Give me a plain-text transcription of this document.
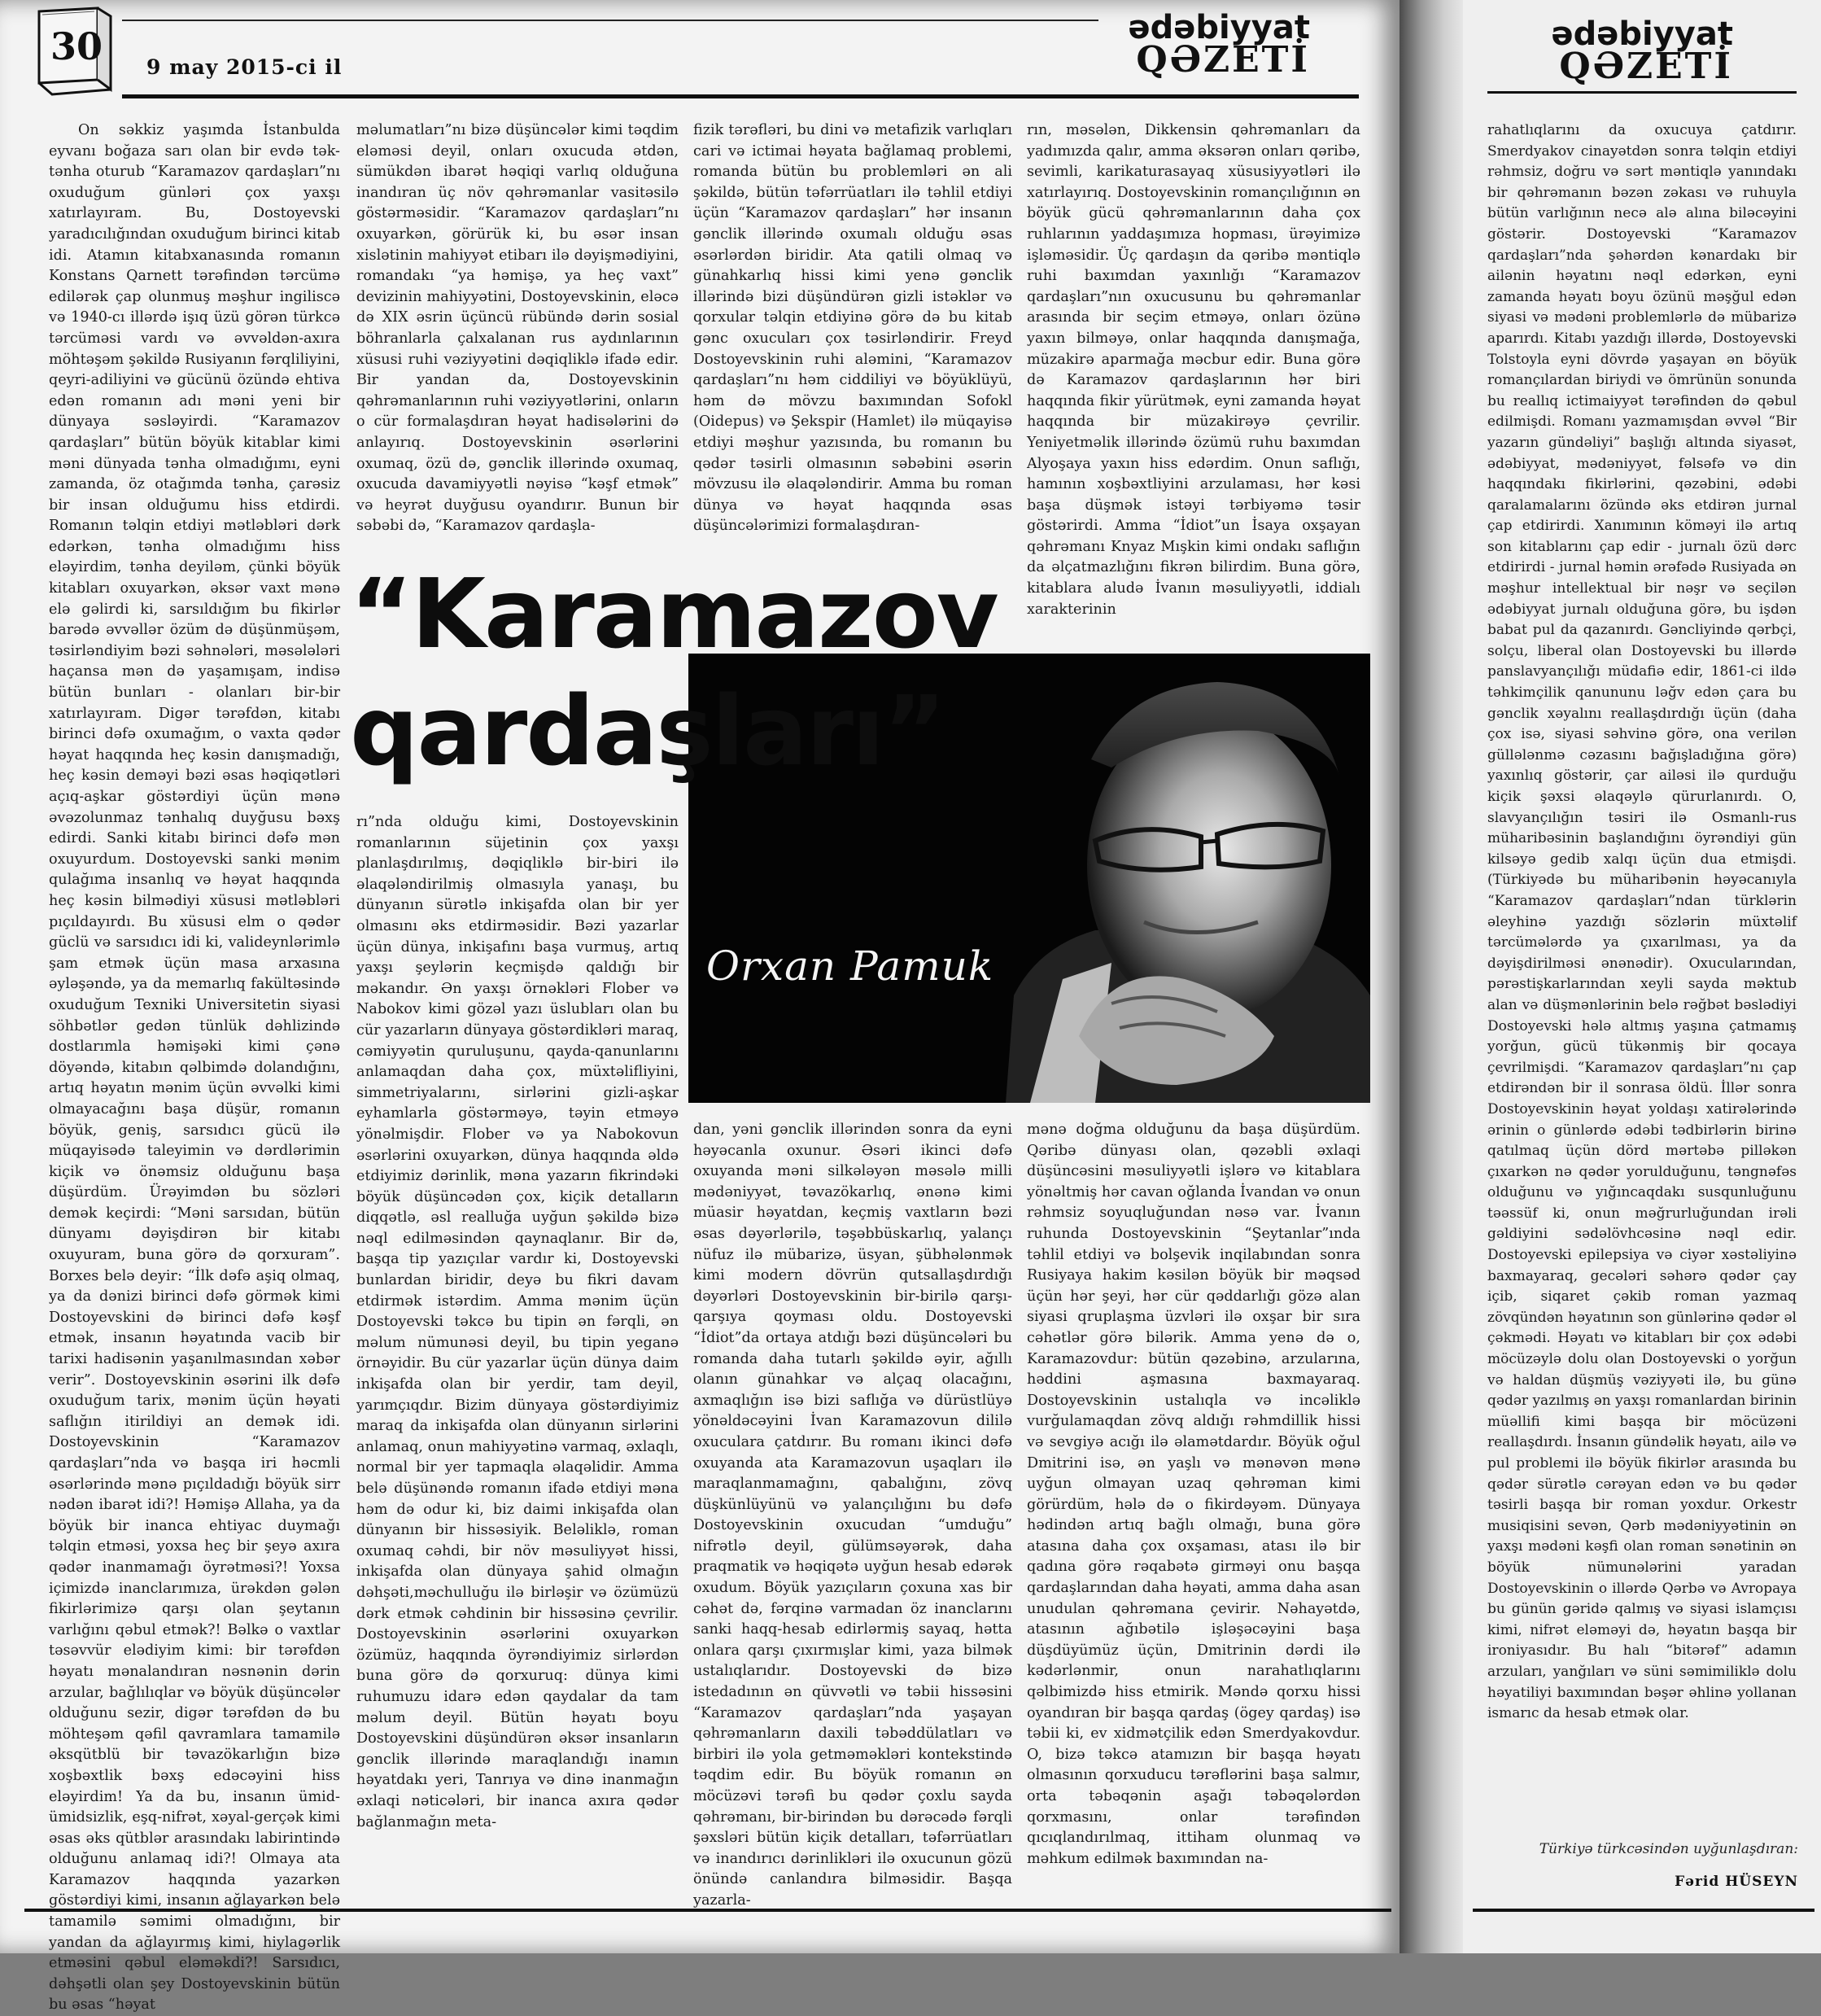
30 9 may 2015-ci il
ədəbiyyat
QƏZETİ

On səkkiz yaşımda İstanbulda eyvanı boğaza sarı olan bir evdə tək-tənha oturub “Karamazov qardaşları”nı oxuduğum günləri çox yaxşı xatırlayıram. Bu, Dostoyevski yaradıcılığından oxuduğum birinci kitab idi. Atamın kitabxanasında romanın Konstans Qarnett tərəfindən tərcümə edilərək çap olunmuş məşhur ingiliscə və 1940-cı illərdə işıq üzü görən türkcə tərcüməsi vardı və əvvəldən-axıra möhtəşəm şəkildə Rusiyanın fərqliliyini, qeyri-adiliyini və gücünü özündə ehtiva edən romanın adı məni yeni bir dünyaya səsləyirdi. “Karamazov qardaşları” bütün böyük kitablar kimi məni dünyada tənha olmadığımı, eyni zamanda, öz otağımda tənha, çarəsiz bir insan olduğumu hiss etdirdi. Romanın təlqin etdiyi mətləbləri dərk edərkən, tənha olmadığımı hiss eləyirdim, tənha deyiləm, çünki böyük kitabları oxuyarkən, əksər vaxt mənə elə gəlirdi ki, sarsıldığım bu fikirlər barədə əvvəllər özüm də düşünmüşəm, təsirləndiyim bəzi səhnələri, məsələləri haçansa mən də yaşamışam, indisə bütün bunları - olanları bir-bir xatırlayıram. Digər tərəfdən, kitabı birinci dəfə oxumağım, o vaxta qədər həyat haqqında heç kəsin danışmadığı, heç kəsin deməyi bəzi əsas həqiqətləri açıq-aşkar göstərdiyi üçün mənə əvəzolunmaz tənhalıq duyğusu bəxş edirdi. Sanki kitabı birinci dəfə mən oxuyurdum. Dostoyevski sanki mənim qulağıma insanlıq və həyat haqqında heç kəsin bilmədiyi xüsusi mətləbləri pıçıldayırdı. Bu xüsusi elm o qədər güclü və sarsıdıcı idi ki, valideynlərimlə şam etmək üçün masa arxasına əyləşəndə, ya da memarlıq fakültəsində oxuduğum Texniki Universitetin siyasi söhbətlər gedən tünlük dəhlizində dostlarımla həmişəki kimi çənə döyəndə, kitabın qəlbimdə dolandığını, artıq həyatın mənim üçün əvvəlki kimi olmayacağını başa düşür, romanın böyük, geniş, sarsıdıcı gücü ilə müqayisədə taleyimin və dərdlərimin kiçik və önəmsiz olduğunu başa düşürdüm. Ürəyimdən bu sözləri demək keçirdi: “Məni sarsıdan, bütün dünyamı dəyişdirən bir kitabı oxuyuram, buna görə də qorxuram”. Borxes belə deyir: “İlk dəfə aşiq olmaq, ya da dənizi birinci dəfə görmək kimi Dostoyevskini də birinci dəfə kəşf etmək, insanın həyatında vacib bir tarixi hadisənin yaşanılmasından xəbər verir”. Dostoyevskinin əsərini ilk dəfə oxuduğum tarix, mənim üçün həyati saflığın itirildiyi an demək idi. Dostoyevskinin “Karamazov qardaşları”nda və başqa iri həcmli əsərlərində mənə pıçıldadığı böyük sirr nədən ibarət idi?! Həmişə Allaha, ya da böyük bir inanca ehtiyac duymağı təlqin etməsi, yoxsa heç bir şeyə axıra qədər inanmamağı öyrətməsi?! Yoxsa içimizdə inanclarımıza, ürəkdən gələn fikirlərimizə qarşı olan şeytanın varlığını qəbul etmək?! Bəlkə o vaxtlar təsəvvür elədiyim kimi: bir tərəfdən həyatı mənalandıran nəsnənin dərin arzular, bağlılıqlar və böyük düşüncələr olduğunu sezir, digər tərəfdən də bu möhteşəm qəfil qavramlara tamamilə əksqütblü bir təvazökarlığın bizə xoşbəxtlik bəxş edəcəyini hiss eləyirdim! Ya da bu, insanın ümid-ümidsizlik, eşq-nifrət, xəyal-gerçək kimi əsas əks qütblər arasındakı labirintində olduğunu anlamaq idi?! Olmaya ata Karamazov haqqında yazarkən göstərdiyi kimi, insanın ağlayarkən belə tamamilə səmimi olmadığını, bir yandan da ağlayırmış kimi, hiylagərlik etməsini qəbul eləməkdi?! Sarsıdıcı, dəhşətli olan şey Dostoyevskinin bütün bu əsas “həyat

məlumatları”nı bizə düşüncələr kimi təqdim eləməsi deyil, onları oxucuda ətdən, sümükdən ibarət həqiqi varlıq olduğuna inandıran üç növ qəhrəmanlar vasitəsilə göstərməsidir. “Karamazov qardaşları”nı oxuyarkən, görürük ki, bu əsər insan xislətinin mahiyyət etibarı ilə dəyişmədiyini, romandakı “ya həmişə, ya heç vaxt” devizinin mahiyyətini, Dostoyevskinin, eləcə də XIX əsrin üçüncü rübündə dərin sosial böhranlarla çalxalanan rus aydınlarının xüsusi ruhi vəziyyətini dəqiqliklə ifadə edir. Bir yandan da, Dostoyevskinin qəhrəmanlarının ruhi vəziyyətlərini, onların o cür formalaşdıran həyat hadisələrini də anlayırıq. Dostoyevskinin əsərlərini oxumaq, özü də, gənclik illərində oxumaq, oxucuda davamiyyətli nəyisə “kəşf etmək” və heyrət duyğusu oyandırır. Bunun bir səbəbi də, “Karamazov qardaşla-

fizik tərəfləri, bu dini və metafizik varlıqları cari və ictimai həyata bağlamaq problemi, romanda bütün bu problemləri ən ali şəkildə, bütün təfərrüatları ilə təhlil etdiyi üçün “Karamazov qardaşları” hər insanın gənclik illərində oxumalı olduğu əsas əsərlərdən biridir. Ata qatili olmaq və günahkarlıq hissi kimi yenə gənclik illərində bizi düşündürən gizli istəklər və qorxular təlqin etdiyinə görə də bu kitab gənc oxucuları çox təsirləndirir. Freyd Dostoyevskinin ruhi aləmini, “Karamazov qardaşları”nı həm ciddiliyi və böyüklüyü, həm də mövzu baxımından Sofokl (Oidepus) və Şekspir (Hamlet) ilə müqayisə etdiyi məşhur yazısında, bu romanın bu qədər təsirli olmasının səbəbini əsərin mövzusu ilə əlaqələndirir. Amma bu roman dünya və həyat haqqında əsas düşüncələrimizi formalaşdıran-

rın, məsələn, Dikkensin qəhrəmanları da yadımızda qalır, amma əksərən onları qəribə, sevimli, karikaturasayaq xüsusiyyətləri ilə xatırlayırıq. Dostoyevskinin romançılığının ən böyük gücü qəhrəmanlarının daha çox ruhlarının yaddaşımıza hopması, ürəyimizə işləməsidir. Üç qardaşın da qəribə məntiqlə ruhi baxımdan yaxınlığı “Karamazov qardaşları”nın oxucusunu bu qəhrəmanlar arasında bir seçim etməyə, onları özünə yaxın bilməyə, onlar haqqında danışmağa, müzakirə aparmağa məcbur edir. Buna görə də Karamazov qardaşlarının hər biri haqqında fikir yürütmək, eyni zamanda həyat haqqında bir müzakirəyə çevrilir. Yeniyetməlik illərində özümü ruhu baxımdan Alyoşaya yaxın hiss edərdim. Onun saflığı, hamının xoşbəxtliyini arzulaması, hər kəsi başa düşmək istəyi tərbiyəmə təsir göstərirdi. Amma “İdiot”un İsaya oxşayan qəhrəmanı Knyaz Mışkin kimi ondakı saflığın da əlçatmazlığını fikrən bilirdim. Buna görə, kitablara aludə İvanın məsuliyyətli, iddialı xarakterinin

“Karamazov
qardaşları”
Orxan Pamuk

rı”nda olduğu kimi, Dostoyevskinin romanlarının süjetinin çox yaxşı planlaşdırılmış, dəqiqliklə bir-biri ilə əlaqələndirilmiş olmasıyla yanaşı, bu dünyanın sürətlə inkişafda olan bir yer olmasını əks etdirməsidir. Bəzi yazarlar üçün dünya, inkişafını başa vurmuş, artıq yaxşı şeylərin keçmişdə qaldığı bir məkandır. Ən yaxşı örnəkləri Flober və Nabokov kimi gözəl yazı üslubları olan bu cür yazarların dünyaya göstərdikləri maraq, cəmiyyətin quruluşunu, qayda-qanunlarını anlamaqdan daha çox, müxtəlifliyini, simmetriyalarını, sirlərini gizli-aşkar eyhamlarla göstərməyə, təyin etməyə yönəlmişdir. Flober və ya Nabokovun əsərlərini oxuyarkən, dünya haqqında əldə etdiyimiz dərinlik, məna yazarın fikrindəki böyük düşüncədən çox, kiçik detalların diqqətlə, əsl realluğa uyğun şəkildə bizə nəql edilməsindən qaynaqlanır. Bir də, başqa tip yazıçılar vardır ki, Dostoyevski bunlardan biridir, deyə bu fikri davam etdirmək istərdim. Amma mənim üçün Dostoyevski təkcə bu tipin ən fərqli, ən məlum nümunəsi deyil, bu tipin yeganə örnəyidir. Bu cür yazarlar üçün dünya daim inkişafda olan bir yerdir, tam deyil, yarımçıqdır. Bizim dünyaya göstərdiyimiz maraq da inkişafda olan dünyanın sirlərini anlamaq, onun mahiyyətinə varmaq, əxlaqlı, normal bir yer tapmaqla əlaqəlidir. Amma belə düşünəndə romanın ifadə etdiyi məna həm də odur ki, biz daimi inkişafda olan dünyanın bir hissəsiyik. Beləliklə, roman oxumaq cəhdi, bir növ məsuliyyət hissi, inkişafda olan dünyaya şahid olmağın dəhşəti,məchulluğu ilə birləşir və özümüzü dərk etmək cəhdinin bir hissəsinə çevrilir. Dostoyevskinin əsərlərini oxuyarkən özümüz, haqqında öyrəndiyimiz sirlərdən buna görə də qorxuruq: dünya kimi ruhumuzu idarə edən qaydalar da tam məlum deyil. Bütün həyatı boyu Dostoyevskini düşündürən əksər insanların gənclik illərində maraqlandığı inamın həyatdakı yeri, Tanrıya və dinə inanmağın əxlaqi nəticələri, bir inanca axıra qədər bağlanmağın meta-

dan, yəni gənclik illərindən sonra da eyni həyəcanla oxunur. Əsəri ikinci dəfə oxuyanda məni silkələyən məsələ milli mədəniyyət, təvazökarlıq, ənənə kimi müasir həyatdan, keçmiş vaxtların bəzi əsas dəyərlərilə, təşəbbüskarlıq, yalançı nüfuz ilə mübarizə, üsyan, şübhələnmək kimi modern dövrün qutsallaşdırdığı dəyərləri Dostoyevskinin bir-birilə qarşı-qarşıya qoyması oldu. Dostoyevski “İdiot”da ortaya atdığı bəzi düşüncələri bu romanda daha tutarlı şəkildə əyir, ağıllı olanın günahkar və alçaq olacağını, axmaqlığın isə bizi saflığa və dürüstlüyə yönəldəcəyini İvan Karamazovun dililə oxuculara çatdırır. Bu romanı ikinci dəfə oxuyanda ata Karamazovun uşaqları ilə maraqlanmamağını, qabalığını, zövq düşkünlüyünü və yalançılığını bu dəfə Dostoyevskinin oxucudan “umduğu” nifrətlə deyil, gülümsəyərək, daha praqmatik və həqiqətə uyğun hesab edərək oxudum. Böyük yazıçıların çoxuna xas bir cəhət də, fərqinə varmadan öz inanclarını sanki haqq-hesab edirlərmiş sayaq, hətta onlara qarşı çıxırmışlar kimi, yaza bilmək ustalıqlarıdır. Dostoyevski də bizə istedadının ən qüvvətli və təbii hissəsini “Karamazov qardaşları”nda yaşayan qəhrəmanların daxili təbəddülatları və birbiri ilə yola getməməkləri kontekstində təqdim edir. Bu böyük romanın ən möcüzəvi tərəfi bu qədər çoxlu sayda qəhrəmanı, bir-birindən bu dərəcədə fərqli şəxsləri bütün kiçik detalları, təfərrüatları və inandırıcı dərinlikləri ilə oxucunun gözü önündə canlandıra bilməsidir. Başqa yazarla-

mənə doğma olduğunu da başa düşürdüm. Qəribə dünyası olan, qəzəbli əxlaqi düşüncəsini məsuliyyətli işlərə və kitablara yönəltmiş hər cavan oğlanda İvandan və onun rəhmsiz soyuqluğundan nəsə var. İvanın ruhunda Dostoyevskinin “Şeytanlar”ında təhlil etdiyi və bolşevik inqilabından sonra Rusiyaya hakim kəsilən böyük bir məqsəd üçün hər şeyi, hər cür qəddarlığı gözə alan siyasi qruplaşma üzvləri ilə oxşar bir sıra cəhətlər görə bilərik. Amma yenə də o, Karamazovdur: bütün qəzəbinə, arzularına, həddini aşmasına baxmayaraq. Dostoyevskinin ustalıqla və incəliklə vurğulamaqdan zövq aldığı rəhmdillik hissi və sevgiyə acığı ilə əlamətdardır. Böyük oğul Dmitrini isə, ən yaşlı və mənəvən mənə uyğun olmayan uzaq qəhrəman kimi görürdüm, hələ də o fikirdəyəm. Dünyaya hədindən artıq bağlı olmağı, buna görə atasına daha çox oxşaması, atası ilə bir qadına görə rəqabətə girməyi onu başqa qardaşlarından daha həyati, amma daha asan unudulan qəhrəmana çevirir. Nəhayətdə, atasının ağıbətilə işləşəcəyini başa düşdüyümüz üçün, Dmitrinin dərdi ilə kədərlənmir, onun narahatlıqlarını qəlbimizdə hiss etmirik. Məndə qorxu hissi oyandıran bir başqa qardaş (ögey qardaş) isə təbii ki, ev xidmətçilik edən Smerdyakovdur. O, bizə təkcə atamızın bir başqa həyatı olmasının qorxuducu tərəflərini başa salmır, orta təbəqənin aşağı təbəqələrdən qorxmasını, onlar tərəfindən qıcıqlandırılmaq, ittiham olunmaq və məhkum edilmək baxımından na-

ədəbiyyat
QƏZETİ

rahatlıqlarını da oxucuya çatdırır. Smerdyakov cinayətdən sonra təlqin etdiyi rəhmsiz, doğru və sərt məntiqlə yanındakı bir qəhrəmanın bəzən zəkası və ruhuyla bütün varlığının necə alə alına biləcəyini göstərir. Dostoyevski “Karamazov qardaşları”nda şəhərdən kənardakı bir ailənin həyatını nəql edərkən, eyni zamanda həyatı boyu özünü məşğul edən siyasi və mədəni problemlərlə də mübarizə aparırdı. Kitabı yazdığı illərdə, Dostoyevski Tolstoyla eyni dövrdə yaşayan ən böyük romançılardan biriydi və ömrünün sonunda bu reallıq ictimaiyyət tərəfindən də qəbul edilmişdi. Romanı yazmamışdan əvvəl “Bir yazarın gündəliyi” başlığı altında siyasət, ədəbiyyat, mədəniyyət, fəlsəfə və din haqqındakı fikirlərini, qəzəbini, ədəbi qaralamalarını özündə əks etdirən jurnal çap etdirirdi. Xanımının köməyi ilə artıq son kitablarını çap edir - jurnalı özü dərc etdirirdi - jurnal həmin ərəfədə Rusiyada ən məşhur intellektual bir nəşr və seçilən ədəbiyyat jurnalı olduğuna görə, bu işdən babat pul da qazanırdı. Gəncliyində qərbçi, solçu, liberal olan Dostoyevski bu illərdə panslavyançılığı müdafiə edir, 1861-ci ildə təhkimçilik qanununu ləğv edən çara bu gənclik xəyalını reallaşdırdığı üçün (daha çox isə, siyasi səhvinə görə, ona verilən güllələnmə cəzasını bağışladığına görə) yaxınlıq göstərir, çar ailəsi ilə qurduğu kiçik şəxsi əlaqəylə qürurlanırdı. O, slavyançılığın təsiri ilə Osmanlı-rus müharibəsinin başlandığını öyrəndiyi gün kilsəyə gedib xalqı üçün dua etmişdi. (Türkiyədə bu müharibənin həyəcanıyla “Karamazov qardaşları”ndan türklərin əleyhinə yazdığı sözlərin müxtəlif tərcümələrdə ya çıxarılması, ya da dəyişdirilməsi ənənədir). Oxucularından, pərəstişkarlarından xeyli sayda məktub alan və düşmənlərinin belə rəğbət bəslədiyi Dostoyevski hələ altmış yaşına çatmamış yorğun, gücü tükənmiş bir qocaya çevrilmişdi. “Karamazov qardaşları”nı çap etdirəndən bir il sonrasa öldü. İllər sonra Dostoyevskinin həyat yoldaşı xatirələrində ərinin o günlərdə ədəbi tədbirlərin birinə qatılmaq üçün dörd mərtəbə pilləkən çıxarkən nə qədər yorulduğunu, təngnəfəs olduğunu və yığıncaqdakı susqunluğunu təəssüf ki, onun məğrurluğundan irəli gəldiyini sədəlövhcəsinə nəql edir. Dostoyevski epilepsiya və ciyər xəstəliyinə baxmayaraq, gecələri səhərə qədər çay içib, siqaret çəkib roman yazmaq zövqündən həyatının son günlərinə qədər əl çəkmədi. Həyatı və kitabları bir çox ədəbi möcüzəylə dolu olan Dostoyevski o yorğun və haldan düşmüş vəziyyəti ilə, bu günə qədər yazılmış ən yaxşı romanlardan birinin müəllifi kimi başqa bir möcüzəni reallaşdırdı. İnsanın gündəlik həyatı, ailə və pul problemi ilə böyük fikirlər arasında bu qədər sürətlə cərəyan edən və bu qədər təsirli başqa bir roman yoxdur. Orkestr musiqisini sevən, Qərb mədəniyyətinin ən yaxşı mədəni kəşfi olan roman sənətinin ən böyük nümunələrini yaradan Dostoyevskinin o illərdə Qərbə və Avropaya bu günün gəridə qalmış və siyasi islamçısı kimi, nifrət eləməyi də, həyatın başqa bir ironiyasıdır. Bu halı “bitərəf” adamın arzuları, yanğıları və süni səmimiliklə dolu həyatiliyi baxımından bəşər əhlinə yollanan ismarıc da hesab etmək olar.

Türkiyə türkcəsindən uyğunlaşdıran:
Fərid HÜSEYN
